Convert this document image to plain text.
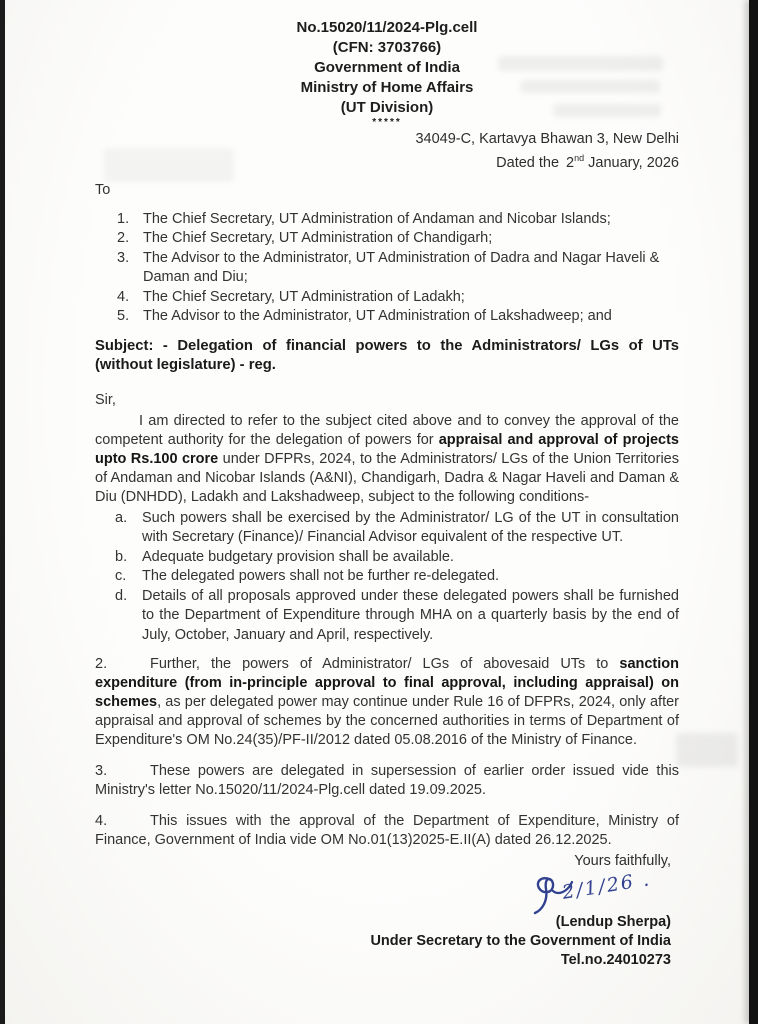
No.15020/11/2024-Plg.cell
(CFN: 3703766)
Government of India
Ministry of Home Affairs
(UT Division)
*****
34049-C, Kartavya Bhawan 3, New Delhi
Dated the 2nd January, 2026
To
1. The Chief Secretary, UT Administration of Andaman and Nicobar Islands;
2. The Chief Secretary, UT Administration of Chandigarh;
3. The Advisor to the Administrator, UT Administration of Dadra and Nagar Haveli & Daman and Diu;
4. The Chief Secretary, UT Administration of Ladakh;
5. The Advisor to the Administrator, UT Administration of Lakshadweep; and
Subject: - Delegation of financial powers to the Administrators/ LGs of UTs (without legislature) - reg.
Sir,
I am directed to refer to the subject cited above and to convey the approval of the competent authority for the delegation of powers for appraisal and approval of projects upto Rs.100 crore under DFPRs, 2024, to the Administrators/ LGs of the Union Territories of Andaman and Nicobar Islands (A&NI), Chandigarh, Dadra & Nagar Haveli and Daman & Diu (DNHDD), Ladakh and Lakshadweep, subject to the following conditions-
a.	Such powers shall be exercised by the Administrator/ LG of the UT in consultation with Secretary (Finance)/ Financial Advisor equivalent of the respective UT.
b.	Adequate budgetary provision shall be available.
c.	The delegated powers shall not be further re-delegated.
d.	Details of all proposals approved under these delegated powers shall be furnished to the Department of Expenditure through MHA on a quarterly basis by the end of July, October, January and April, respectively.
2.	Further, the powers of Administrator/ LGs of abovesaid UTs to sanction expenditure (from in-principle approval to final approval, including appraisal) on schemes, as per delegated power may continue under Rule 16 of DFPRs, 2024, only after appraisal and approval of schemes by the concerned authorities in terms of Department of Expenditure's OM No.24(35)/PF-II/2012 dated 05.08.2016 of the Ministry of Finance.
3.	These powers are delegated in supersession of earlier order issued vide this Ministry's letter No.15020/11/2024-Plg.cell dated 19.09.2025.
4.	This issues with the approval of the Department of Expenditure, Ministry of Finance, Government of India vide OM No.01(13)2025-E.II(A) dated 26.12.2025.
Yours faithfully,
2/1/26 .
(Lendup Sherpa)
Under Secretary to the Government of India
Tel.no.24010273
